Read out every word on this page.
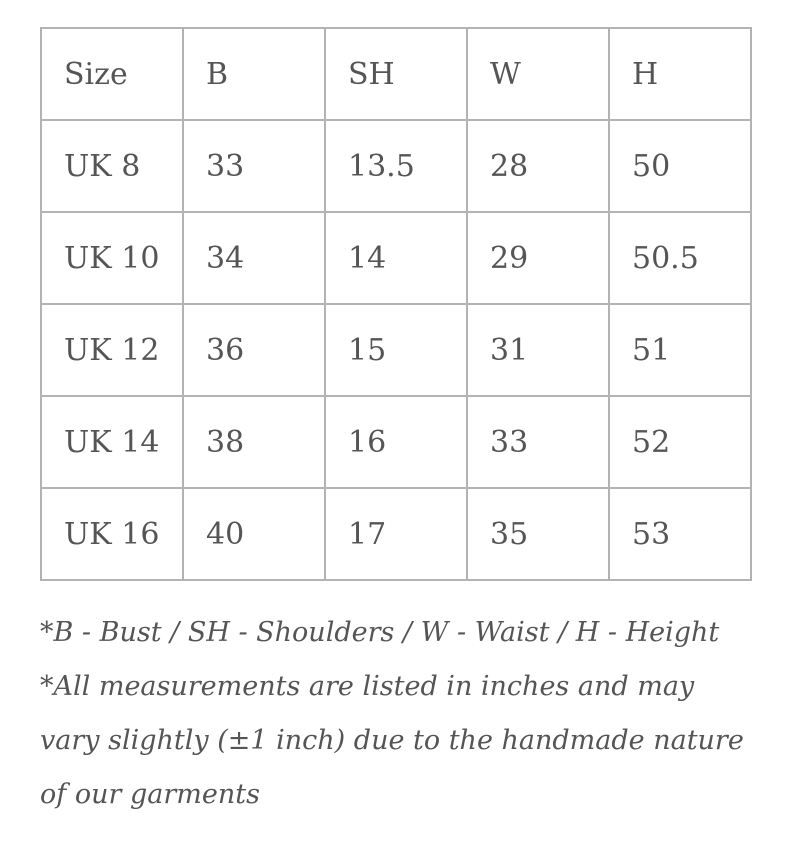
Size	B	SH	W	H
UK 8	33	13.5	28	50
UK 10	34	14	29	50.5
UK 12	36	15	31	51
UK 14	38	16	33	52
UK 16	40	17	35	53

*B - Bust / SH - Shoulders / W - Waist / H - Height

*All measurements are listed in inches and may vary slightly (±1 inch) due to the handmade nature of our garments
